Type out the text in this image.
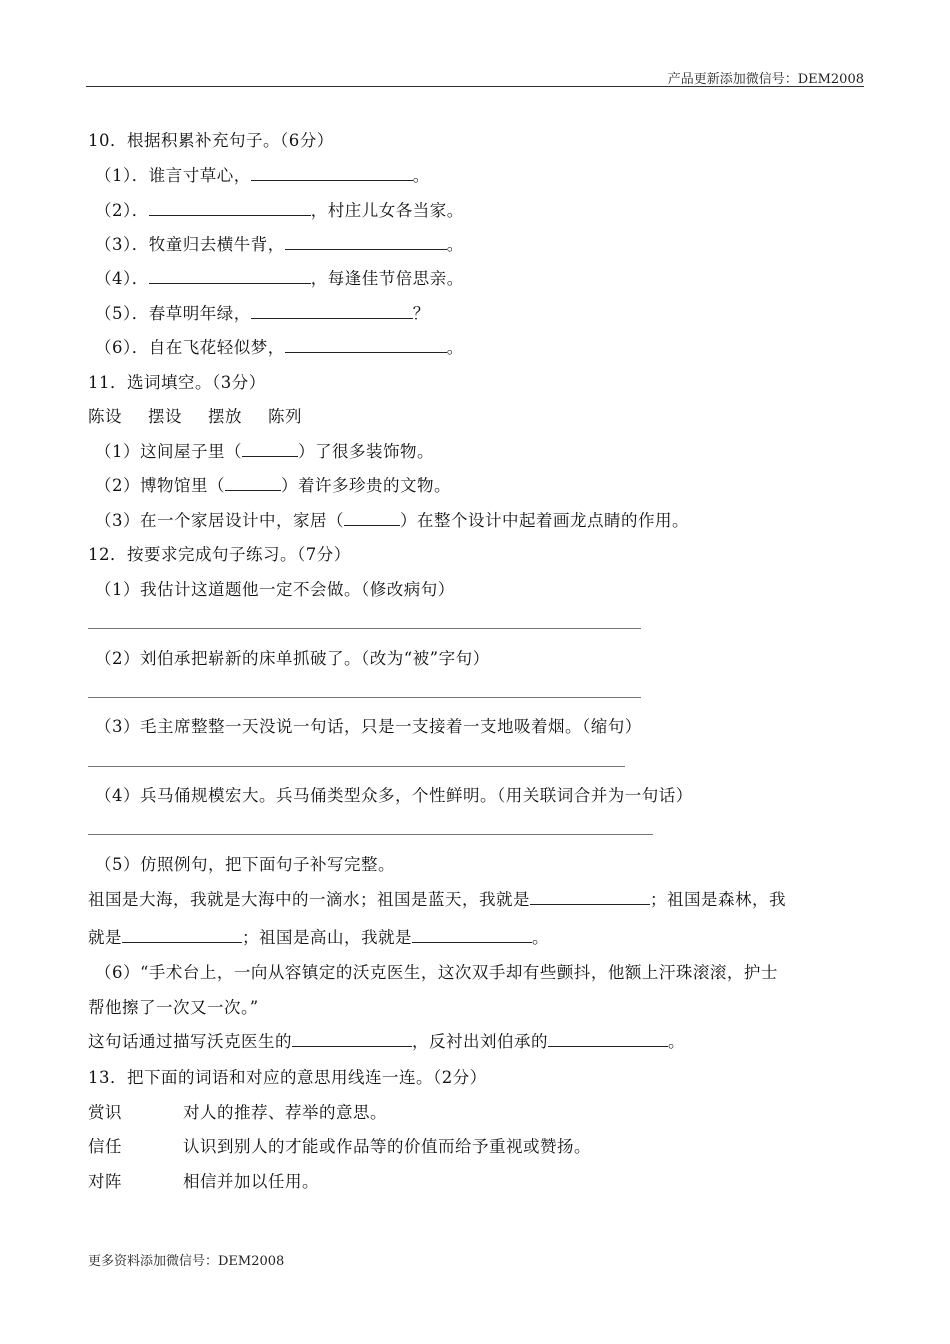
产品更新添加微信号：DEM2008
10．根据积累补充句子。（6分）
（1）．谁言寸草心，	。
（2）．	，村庄儿女各当家。
（3）．牧童归去横牛背，	。
（4）．	，每逢佳节倍思亲。
（5）．春草明年绿，	？
（6）．自在飞花轻似梦，	。
11．选词填空。（3分）
陈设 摆设 摆放 陈列
（1）这间屋子里（	）了很多装饰物。
（2）博物馆里（	）着许多珍贵的文物。
（3）在一个家居设计中，家居（	）在整个设计中起着画龙点睛的作用。
12．按要求完成句子练习。（7分）
（1）我估计这道题他一定不会做。（修改病句）
（2）刘伯承把崭新的床单抓破了。（改为“被”字句）
（3）毛主席整整一天没说一句话，只是一支接着一支地吸着烟。（缩句）
（4）兵马俑规模宏大。兵马俑类型众多，个性鲜明。（用关联词合并为一句话）
（5）仿照例句，把下面句子补写完整。
祖国是大海，我就是大海中的一滴水；祖国是蓝天，我就是	；祖国是森林，我
就是	；祖国是高山，我就是	。
（6）“手术台上，一向从容镇定的沃克医生，这次双手却有些颤抖，他额上汗珠滚滚，护士
帮他擦了一次又一次。”
这句话通过描写沃克医生的	，反衬出刘伯承的	。
13．把下面的词语和对应的意思用线连一连。（2分）
赏识	对人的推荐、荐举的意思。
信任	认识到别人的才能或作品等的价值而给予重视或赞扬。
对阵	相信并加以任用。
更多资料添加微信号：DEM2008
